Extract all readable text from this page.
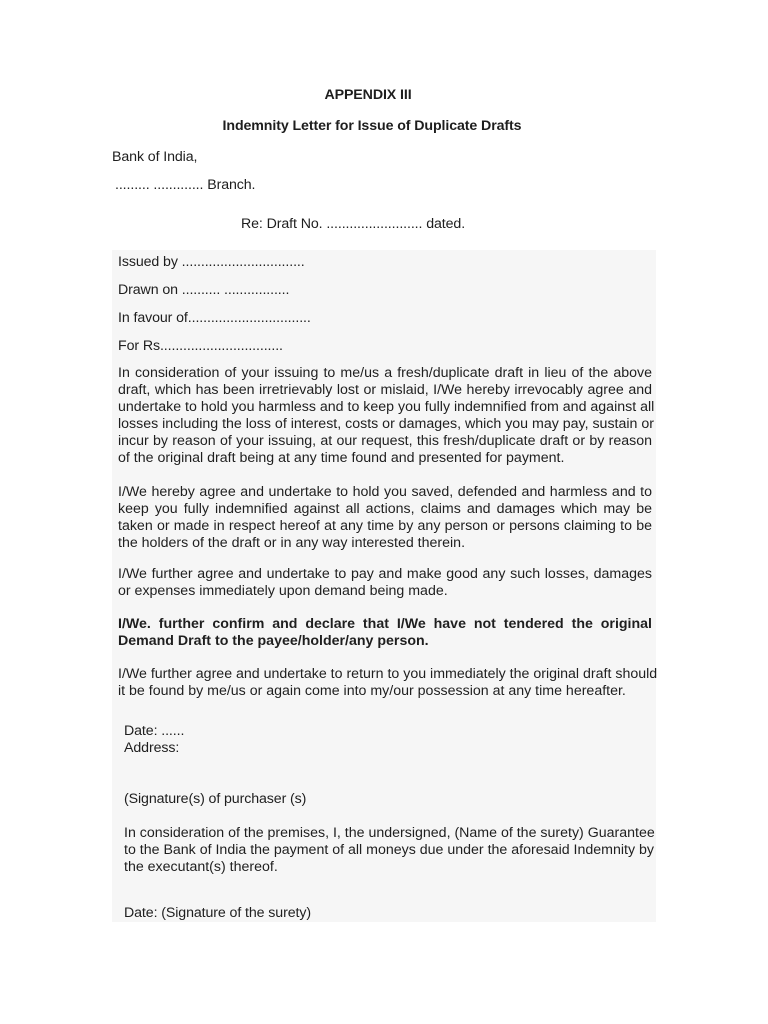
APPENDIX III
Indemnity Letter for Issue of Duplicate Drafts
Bank of India,
......... ............. Branch.
Re: Draft No. ......................... dated.
Issued by ................................
Drawn on .......... .................
In favour of................................
For Rs................................
In consideration of your issuing to me/us a fresh/duplicate draft in lieu of the above
draft, which has been irretrievably lost or mislaid, I/We hereby irrevocably agree and
undertake to hold you harmless and to keep you fully indemnified from and against all
losses including the loss of interest, costs or damages, which you may pay, sustain or
incur by reason of your issuing, at our request, this fresh/duplicate draft or by reason
of the original draft being at any time found and presented for payment.
I/We hereby agree and undertake to hold you saved, defended and harmless and to
keep you fully indemnified against all actions, claims and damages which may be
taken or made in respect hereof at any time by any person or persons claiming to be
the holders of the draft or in any way interested therein.
I/We further agree and undertake to pay and make good any such losses, damages
or expenses immediately upon demand being made.
I/We. further confirm and declare that I/We have not tendered the original
Demand Draft to the payee/holder/any person.
I/We further agree and undertake to return to you immediately the original draft should
it be found by me/us or again come into my/our possession at any time hereafter.
Date: ......
Address:
(Signature(s) of purchaser (s)
In consideration of the premises, I, the undersigned, (Name of the surety) Guarantee
to the Bank of India the payment of all moneys due under the aforesaid Indemnity by
the executant(s) thereof.
Date: (Signature of the surety)
